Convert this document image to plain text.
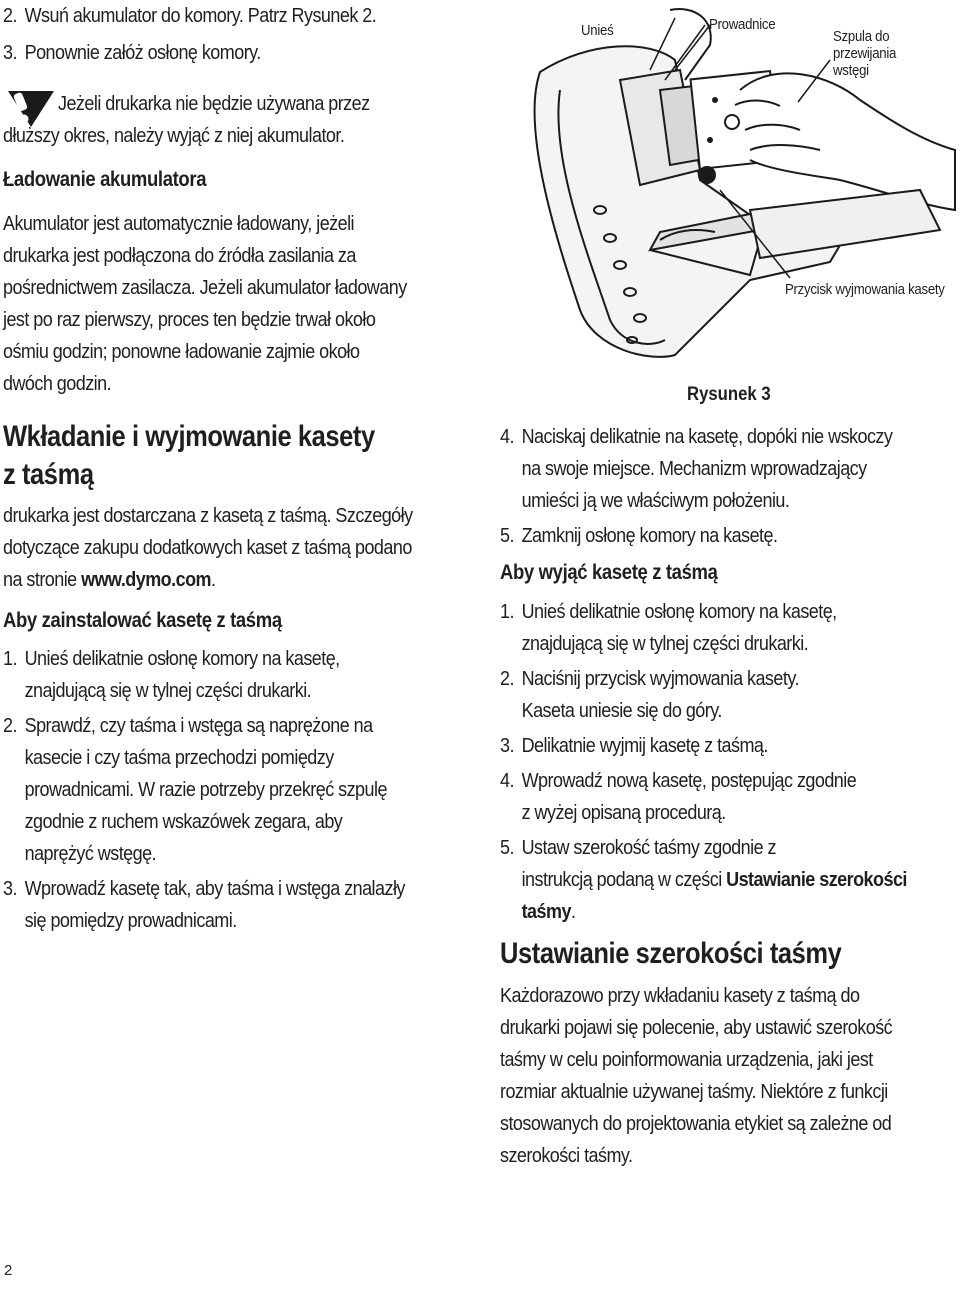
2. Wsuń akumulator do komory. Patrz Rysunek 2.
3. Ponownie załóż osłonę komory.
Jeżeli drukarka nie będzie używana przez
dłuższy okres, należy wyjąć z niej akumulator.
Ładowanie akumulatora
Akumulator jest automatycznie ładowany, jeżeli
drukarka jest podłączona do źródła zasilania za
pośrednictwem zasilacza. Jeżeli akumulator ładowany
jest po raz pierwszy, proces ten będzie trwał około
ośmiu godzin; ponowne ładowanie zajmie około
dwóch godzin.
Wkładanie i wyjmowanie kasety
z taśmą
drukarka jest dostarczana z kasetą z taśmą. Szczegóły
dotyczące zakupu dodatkowych kaset z taśmą podano
na stronie www.dymo.com.
Aby zainstalować kasetę z taśmą
1. Unieś delikatnie osłonę komory na kasetę,
znajdującą się w tylnej części drukarki.
2. Sprawdź, czy taśma i wstęga są naprężone na
kasecie i czy taśma przechodzi pomiędzy
prowadnicami. W razie potrzeby przekręć szpulę
zgodnie z ruchem wskazówek zegara, aby
naprężyć wstęgę.
3. Wprowadź kasetę tak, aby taśma i wstęga znalazły
się pomiędzy prowadnicami.
2
Unieś	Prowadnice
Szpula do
przewijania
wstęgi
Przycisk wyjmowania kasety
Rysunek 3
4. Naciskaj delikatnie na kasetę, dopóki nie wskoczy
na swoje miejsce. Mechanizm wprowadzający
umieści ją we właściwym położeniu.
5. Zamknij osłonę komory na kasetę.
Aby wyjąć kasetę z taśmą
1. Unieś delikatnie osłonę komory na kasetę,
znajdującą się w tylnej części drukarki.
2. Naciśnij przycisk wyjmowania kasety.
Kaseta uniesie się do góry.
3. Delikatnie wyjmij kasetę z taśmą.
4. Wprowadź nową kasetę, postępując zgodnie
z wyżej opisaną procedurą.
5. Ustaw szerokość taśmy zgodnie z
instrukcją podaną w części Ustawianie szerokości
taśmy.
Ustawianie szerokości taśmy
Każdorazowo przy wkładaniu kasety z taśmą do
drukarki pojawi się polecenie, aby ustawić szerokość
taśmy w celu poinformowania urządzenia, jaki jest
rozmiar aktualnie używanej taśmy. Niektóre z funkcji
stosowanych do projektowania etykiet są zależne od
szerokości taśmy.
